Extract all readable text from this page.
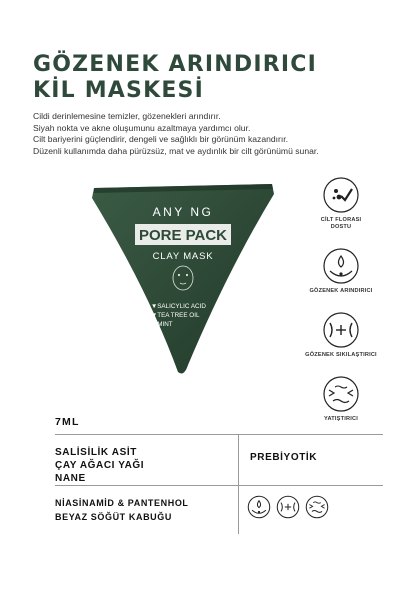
GÖZENEK ARINDIRICI
KİL MASKESİ
Cildi derinlemesine temizler, gözenekleri arındırır.
Siyah nokta ve akne oluşumunu azaltmaya yardımcı olur.
Cilt bariyerini güçlendirir, dengeli ve sağlıklı bir görünüm kazandırır.
Düzenli kullanımda daha pürüzsüz, mat ve aydınlık bir cilt görünümü sunar.
ANY NG
PORE PACK
CLAY MASK
▼SALICYLIC ACID
▼TEA TREE OIL
▼MINT
CİLT FLORASI
DOSTU
GÖZENEK ARINDIRICI
GÖZENEK SIKILAŞTIRICI
YATIŞTIRICI
7ML
SALİSİLİK ASİT
ÇAY AĞACI YAĞI
NANE
PREBİYOTİK
NİASİNAMİD & PANTENHOL
BEYAZ SÖĞÜT KABUĞU
